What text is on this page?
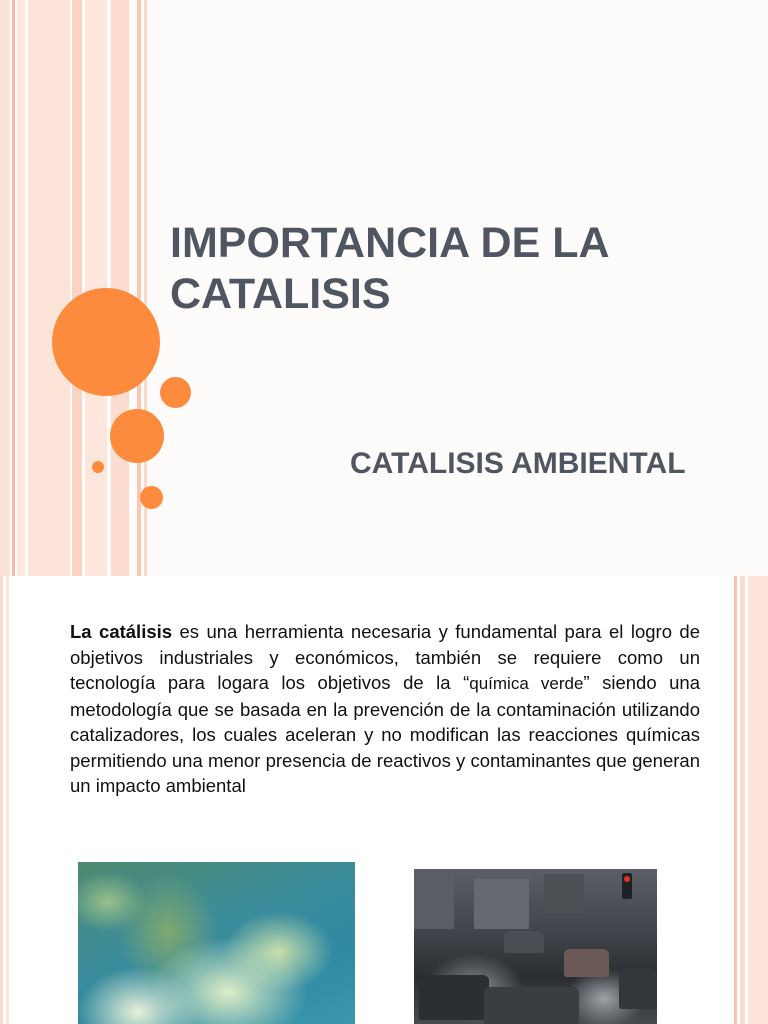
IMPORTANCIA DE LA CATALISIS
CATALISIS AMBIENTAL

La catálisis es una herramienta necesaria y fundamental para el logro de objetivos industriales y económicos, también se requiere como un tecnología para logara los objetivos de la “química verde” siendo una metodología que se basada en la prevención de la contaminación utilizando catalizadores, los cuales aceleran y no modifican las reacciones químicas permitiendo una menor presencia de reactivos y contaminantes que generan un impacto ambiental
